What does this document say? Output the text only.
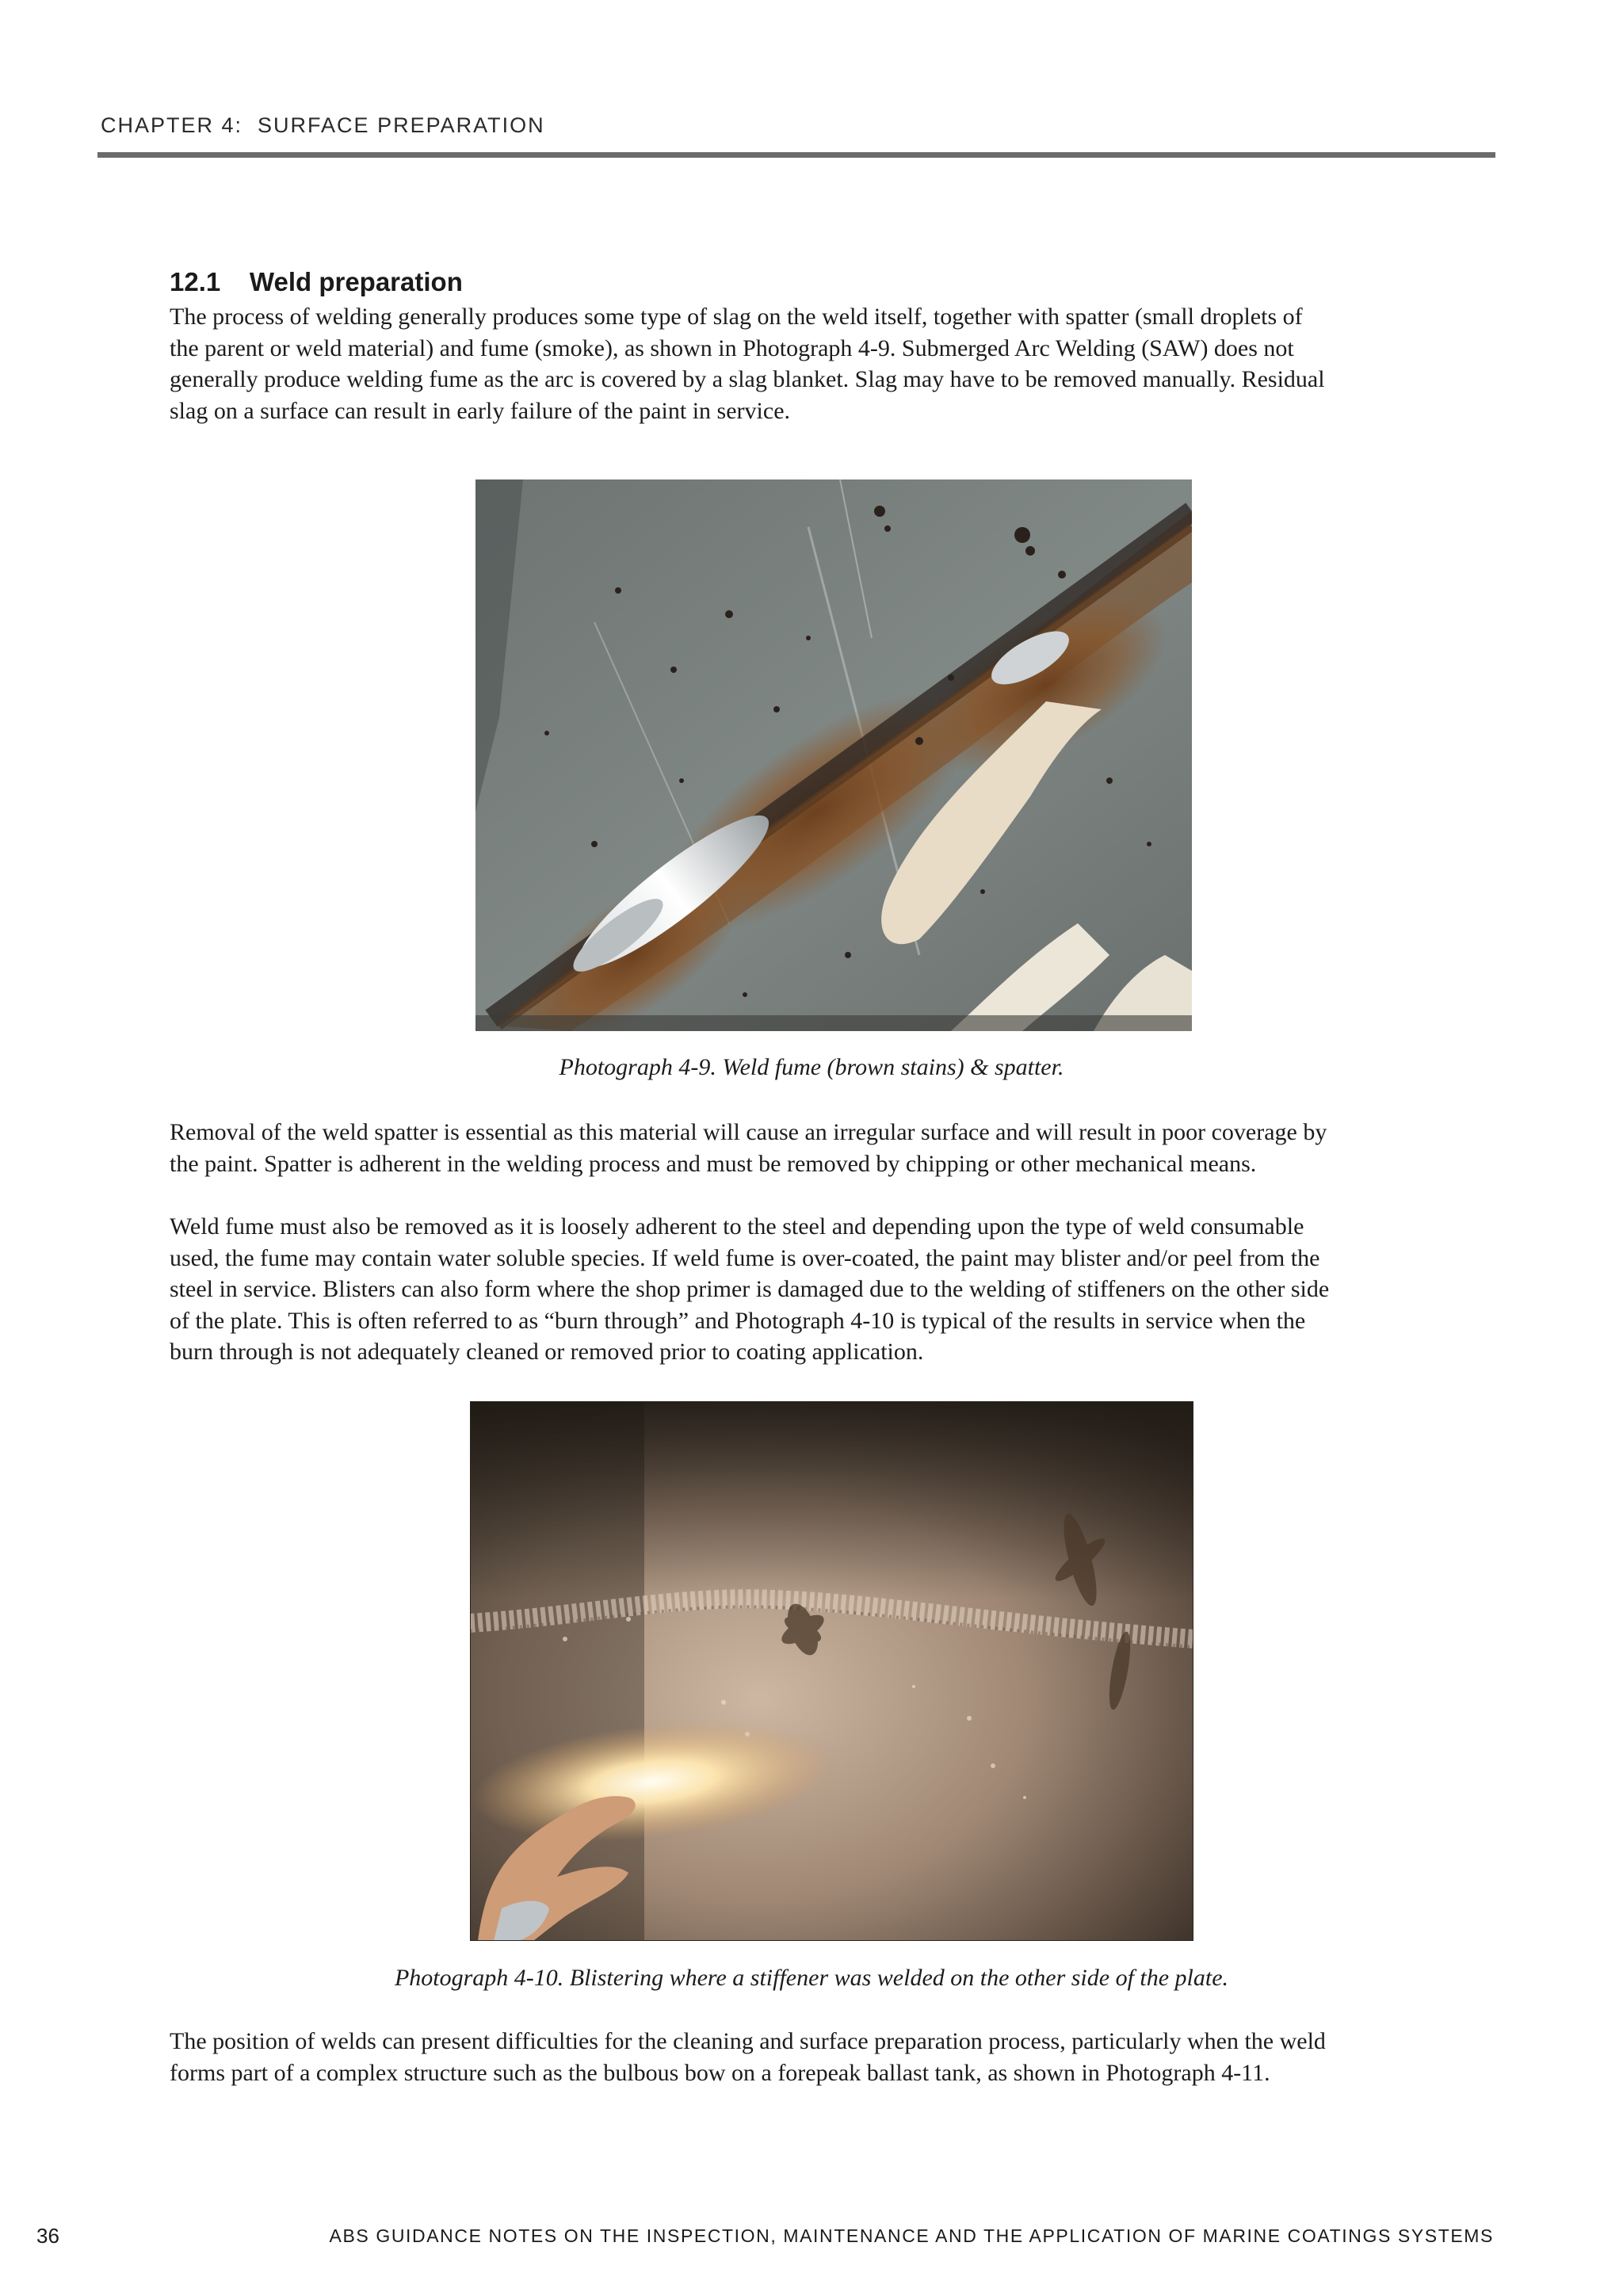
CHAPTER 4:  SURFACE PREPARATION
12.1 Weld preparation

The process of welding generally produces some type of slag on the weld itself, together with spatter (small droplets of
the parent or weld material) and fume (smoke), as shown in Photograph 4-9. Submerged Arc Welding (SAW) does not
generally produce welding fume as the arc is covered by a slag blanket. Slag may have to be removed manually. Residual
slag on a surface can result in early failure of the paint in service.

Photograph 4-9. Weld fume (brown stains) & spatter.

Removal of the weld spatter is essential as this material will cause an irregular surface and will result in poor coverage by
the paint. Spatter is adherent in the welding process and must be removed by chipping or other mechanical means.

Weld fume must also be removed as it is loosely adherent to the steel and depending upon the type of weld consumable
used, the fume may contain water soluble species. If weld fume is over-coated, the paint may blister and/or peel from the
steel in service. Blisters can also form where the shop primer is damaged due to the welding of stiffeners on the other side
of the plate. This is often referred to as “burn through” and Photograph 4-10 is typical of the results in service when the
burn through is not adequately cleaned or removed prior to coating application.

Photograph 4-10. Blistering where a stiffener was welded on the other side of the plate.

The position of welds can present difficulties for the cleaning and surface preparation process, particularly when the weld
forms part of a complex structure such as the bulbous bow on a forepeak ballast tank, as shown in Photograph 4-11.

36	ABS GUIDANCE NOTES ON THE INSPECTION, MAINTENANCE AND THE APPLICATION OF MARINE COATINGS SYSTEMS
